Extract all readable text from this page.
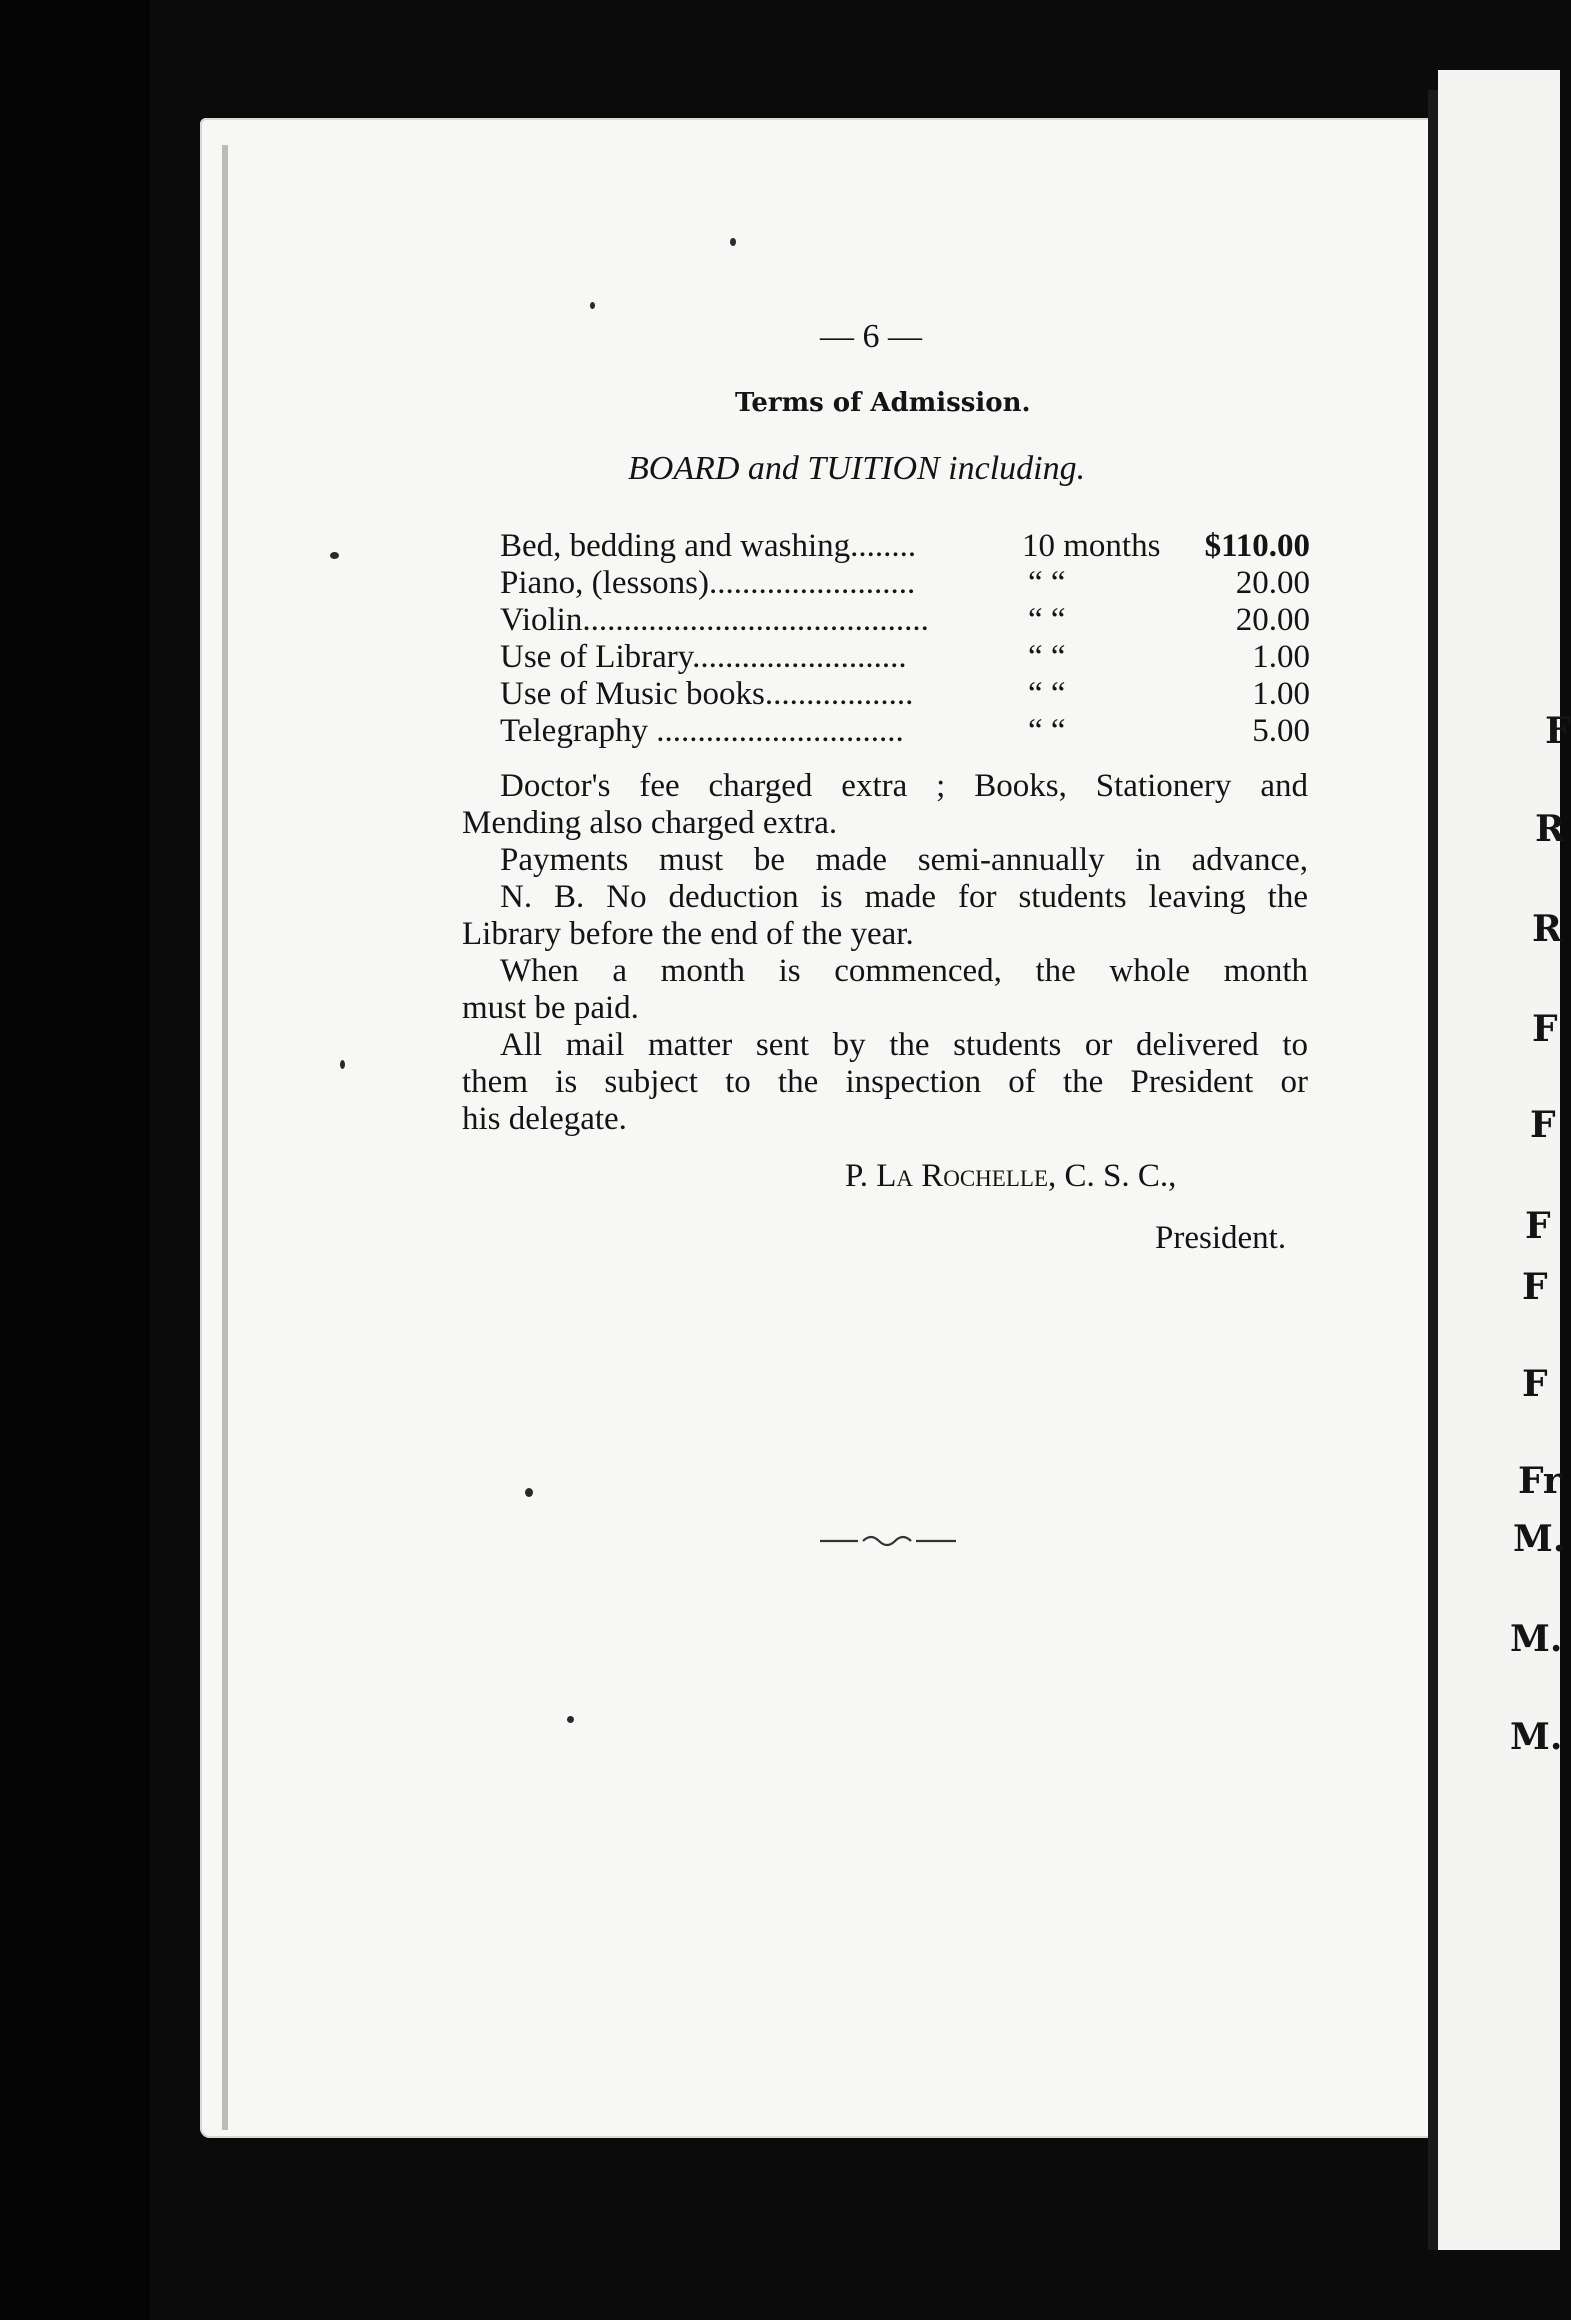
— 6 —
Terms of Admission.
BOARD and TUITION including.
Bed, bedding and washing........	10 months $110.00
Piano, (lessons).........................	“ “	20.00
Violin..........................................	“ “	20.00
Use of Library..........................	“ “	1.00
Use of Music books..................	“ “	1.00
Telegraphy ..............................	“ “	5.00
Doctor's fee charged extra ; Books, Stationery and
Mending also charged extra.
Payments must be made semi-annually in advance,
N. B. No deduction is made for students leaving the
Library before the end of the year.
When a month is commenced, the whole month
must be paid.
All mail matter sent by the students or delivered to
them is subject to the inspection of the President or
his delegate.
P. La Rochelle, C. S. C.,
President.
F
R
R
F
F
F
F
F
Fr
M.
M.
M.
